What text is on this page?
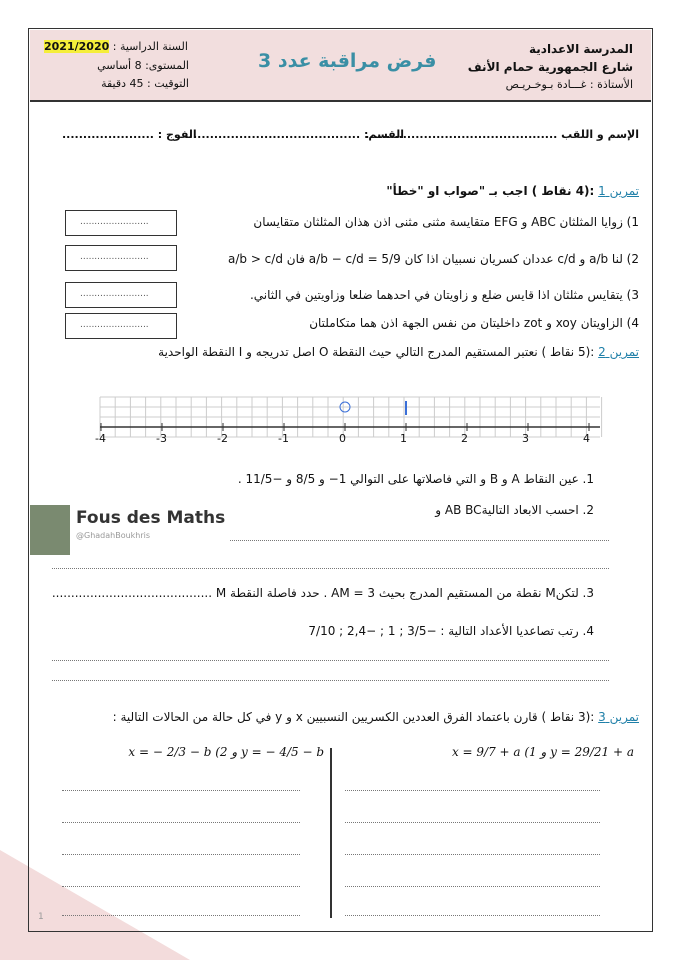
المدرسة الاعدادية
شارع الجمهورية حمام الأنف
الأستاذة : غـــادة بـوخـريـص
فرض مراقبة عدد 3
السنة الدراسية : 2021/2020
المستوى: 8 أساسي
التوقيت : 45 دقيقة
الإسم و اللقب ..............................................
القسم: ..........................................
الفوج : ......................
تمرين 1 :(4 نقاط ) اجب بـ "صواب او "خطأ"
1) زوايا المثلثان ABC و EFG متقايسة مثنى مثنى اذن هذان المثلثان متقايسان
2) لنا a/b و c/d عددان كسريان نسبيان اذا كان a/b − c/d = 5/9 فان a/b > c/d
3) يتقايس مثلثان اذا قايس ضلع و زاويتان في احدهما ضلعا وزاويتين في الثاني.
4) الزاويتان xoy و zot داخليتان من نفس الجهة اذن هما متكاملتان
........................
........................
........................
........................
تمرين 2 :(5 نقاط ) نعتبر المستقيم المدرج التالي حيث النقطة O اصل تدريجه و I النقطة الواحدية
-4	-3	-2	-1	0	1	2	3	4
1. عين النقاط A و B و التي فاصلاتها على التوالي 1− و 8/5 و −11/5 .
2. احسب الابعاد التاليةAB BC و
3. لتكنM نقطة من المستقيم المدرج بحيث AM = 3 . حدد فاصلة النقطة M ..........................................
4. رتب تصاعديا الأعداد التالية : −3/5 ; 1 ; −2,4 ; 7/10
Fous des Maths
@GhadahBoukhris
تمرين 3 :(3 نقاط ) قارن باعتماد الفرق العددين الكسريين النسبيين x و y في كل حالة من الحالات التالية :
y = 29/21 + a و x = 9/7 + a (1
y = − 4/5 − b و x = − 2/3 − b (2
1
